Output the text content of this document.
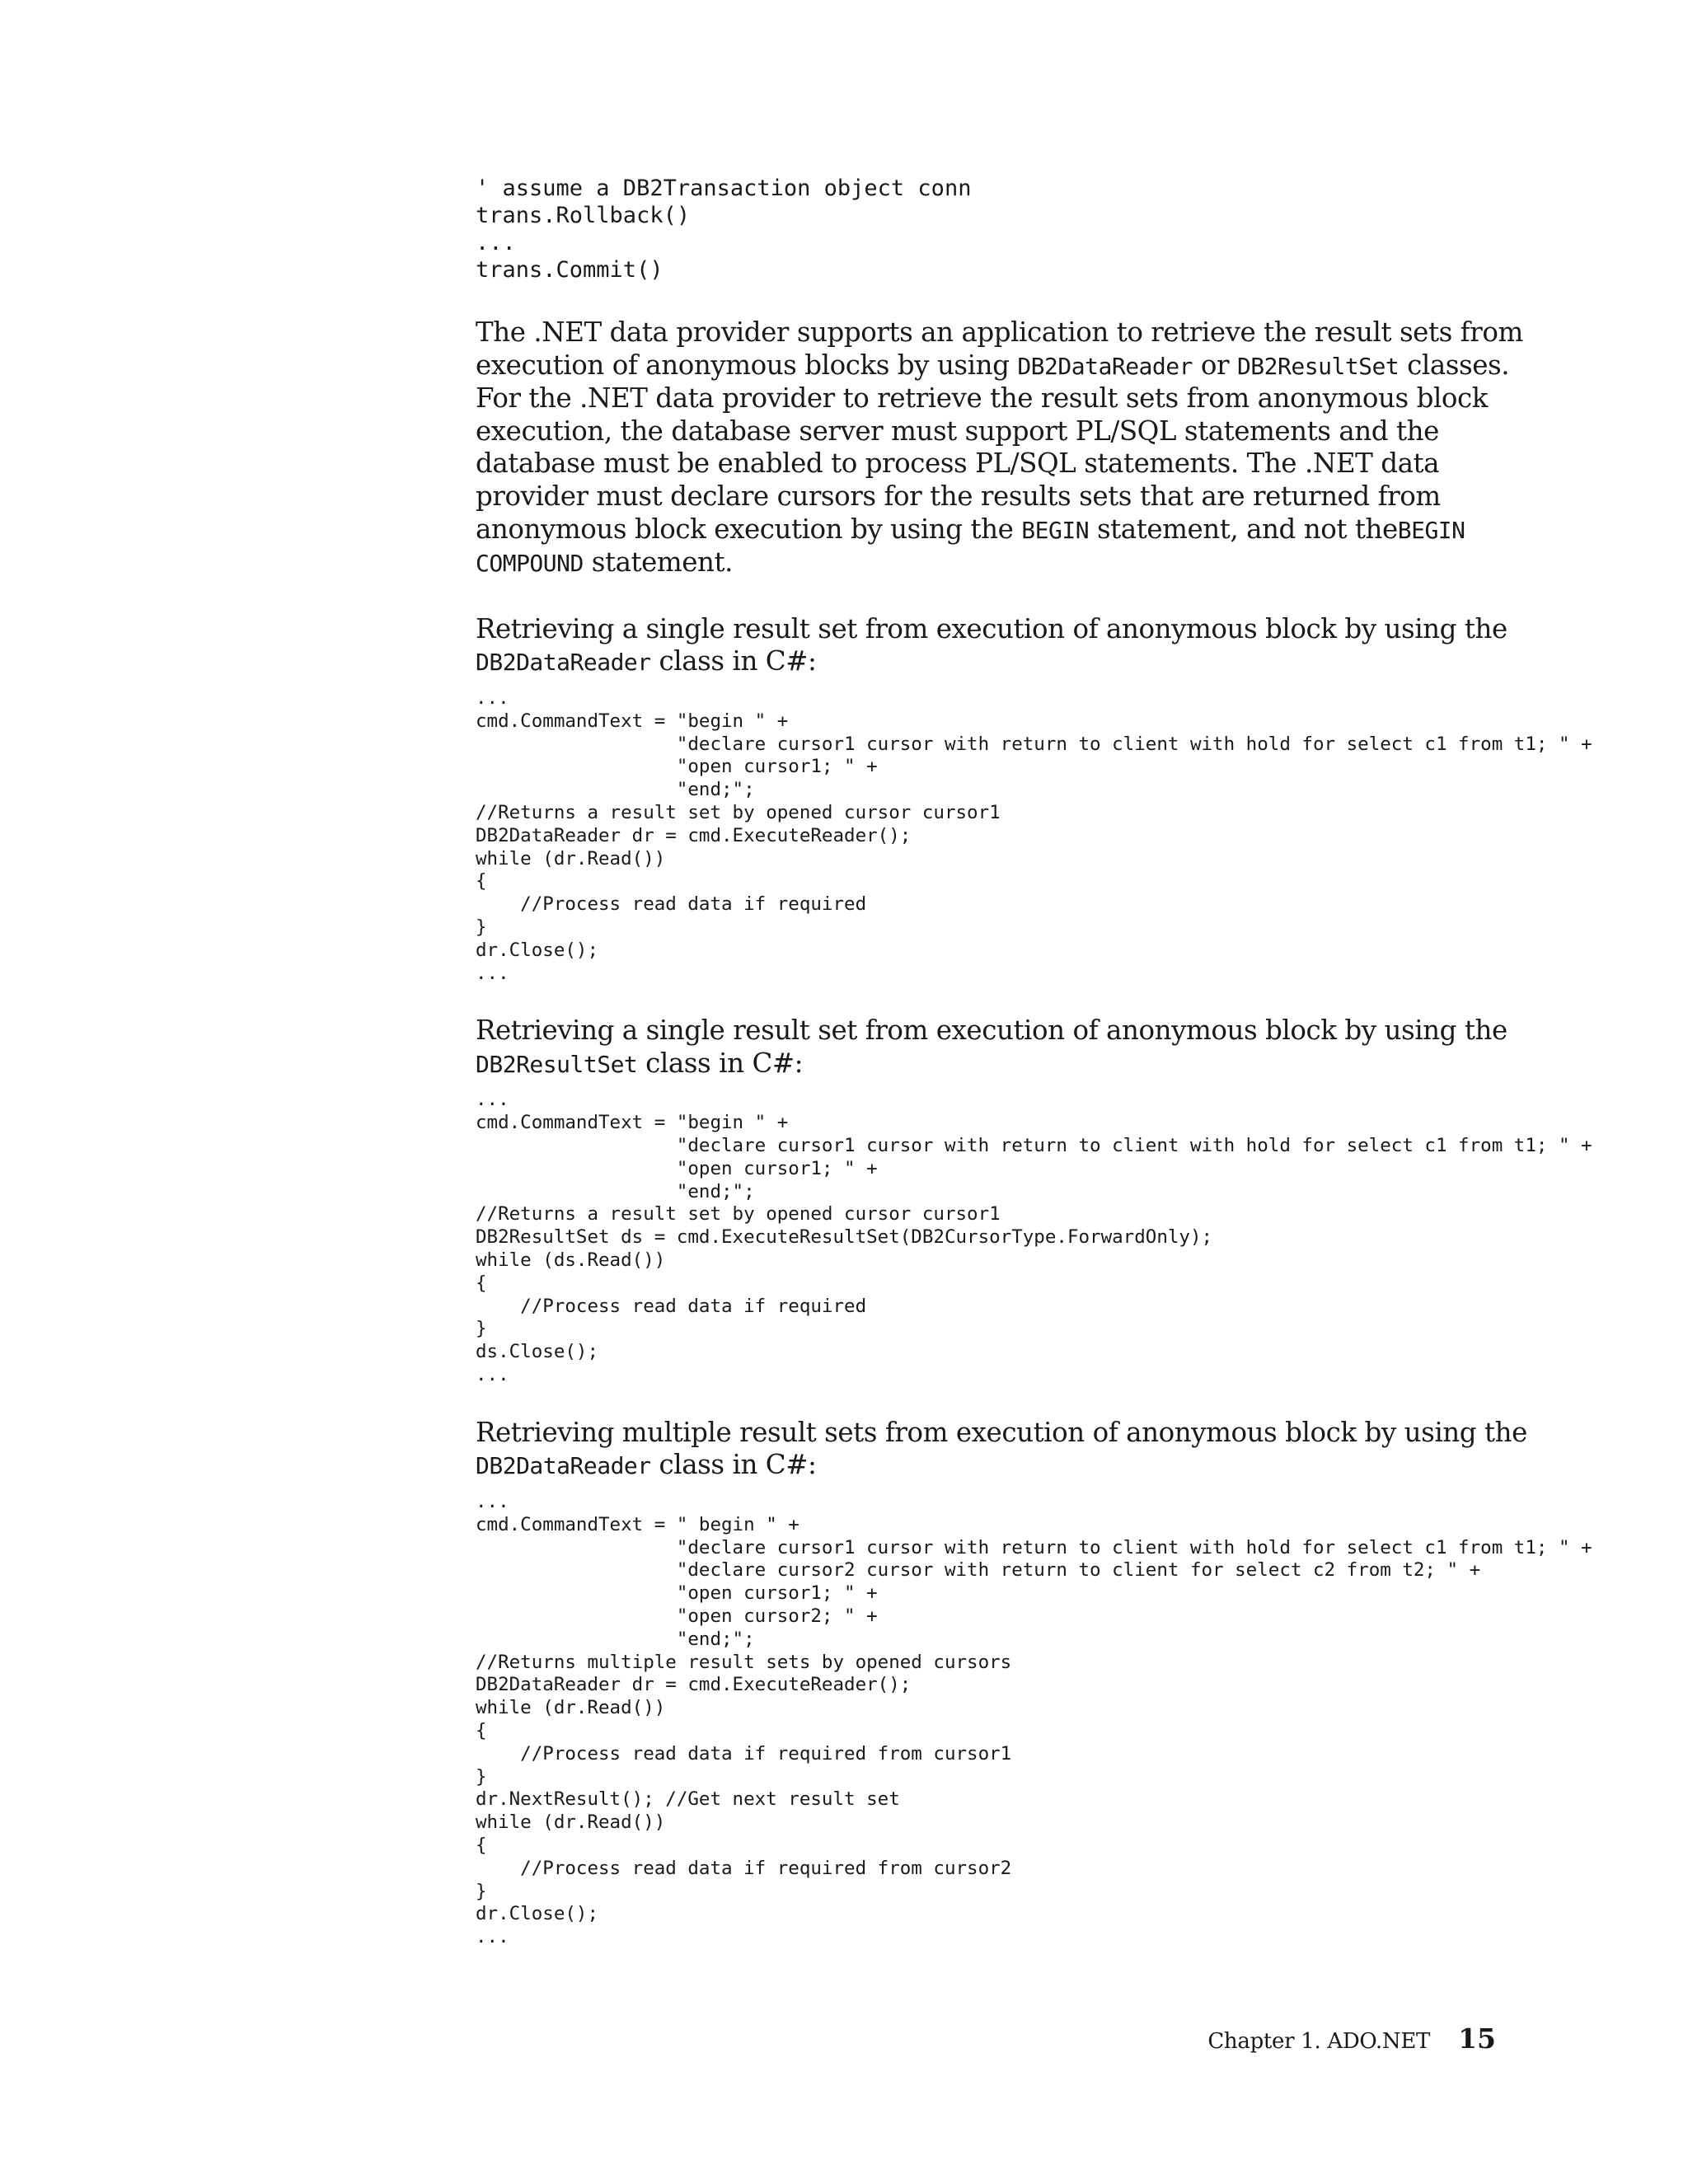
' assume a DB2Transaction object conn
trans.Rollback()
...
trans.Commit()

The .NET data provider supports an application to retrieve the result sets from execution of anonymous blocks by using DB2DataReader or DB2ResultSet classes. For the .NET data provider to retrieve the result sets from anonymous block execution, the database server must support PL/SQL statements and the database must be enabled to process PL/SQL statements. The .NET data provider must declare cursors for the results sets that are returned from anonymous block execution by using the BEGIN statement, and not theBEGIN COMPOUND statement.

Retrieving a single result set from execution of anonymous block by using the DB2DataReader class in C#:

...
cmd.CommandText = "begin " +
"declare cursor1 cursor with return to client with hold for select c1 from t1; " +
"open cursor1; " +
"end;";
//Returns a result set by opened cursor cursor1
DB2DataReader dr = cmd.ExecuteReader();
while (dr.Read())
{
//Process read data if required
}
dr.Close();
...

Retrieving a single result set from execution of anonymous block by using the DB2ResultSet class in C#:

...
cmd.CommandText = "begin " +
"declare cursor1 cursor with return to client with hold for select c1 from t1; " +
"open cursor1; " +
"end;";
//Returns a result set by opened cursor cursor1
DB2ResultSet ds = cmd.ExecuteResultSet(DB2CursorType.ForwardOnly);
while (ds.Read())
{
//Process read data if required
}
ds.Close();
...

Retrieving multiple result sets from execution of anonymous block by using the DB2DataReader class in C#:

...
cmd.CommandText = " begin " +
"declare cursor1 cursor with return to client with hold for select c1 from t1; " +
"declare cursor2 cursor with return to client for select c2 from t2; " +
"open cursor1; " +
"open cursor2; " +
"end;";
//Returns multiple result sets by opened cursors
DB2DataReader dr = cmd.ExecuteReader();
while (dr.Read())
{
//Process read data if required from cursor1
}
dr.NextResult(); //Get next result set
while (dr.Read())
{
//Process read data if required from cursor2
}
dr.Close();
...
Chapter 1. ADO.NET 15
